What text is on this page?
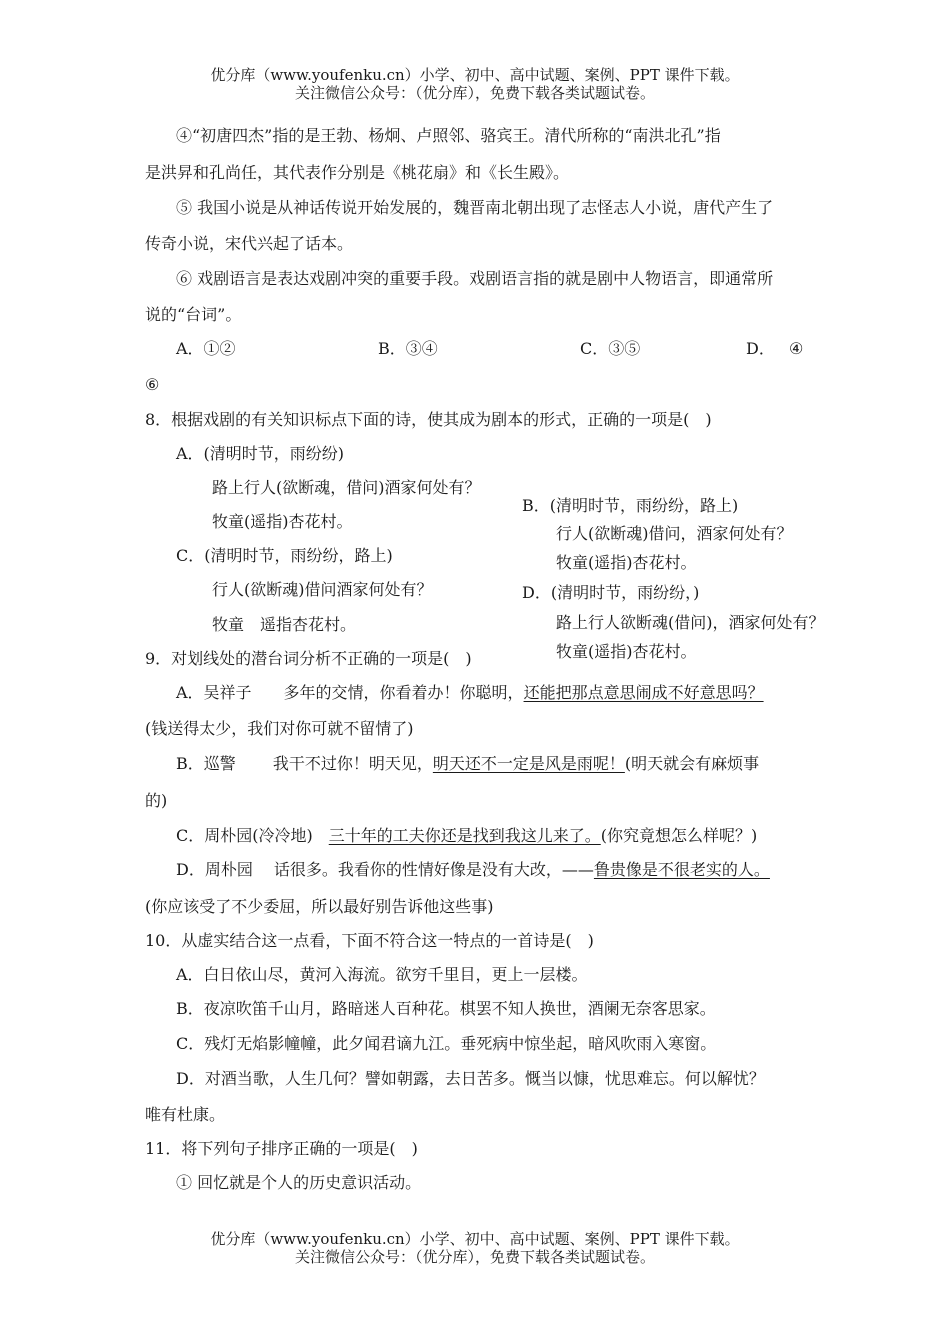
优分库（www.youfenku.cn）小学、初中、高中试题、案例、PPT 课件下载。
关注微信公众号：（优分库），免费下载各类试题试卷。
④“初唐四杰”指的是王勃、杨炯、卢照邻、骆宾王。清代所称的“南洪北孔”指
是洪昇和孔尚任，其代表作分别是《桃花扇》和《长生殿》。
⑤ 我国小说是从神话传说开始发展的，魏晋南北朝出现了志怪志人小说，唐代产生了
传奇小说，宋代兴起了话本。
⑥ 戏剧语言是表达戏剧冲突的重要手段。戏剧语言指的就是剧中人物语言，即通常所
说的“台词”。
A．①②	B．③④	C．③⑤	D． ④
⑥
8．根据戏剧的有关知识标点下面的诗，使其成为剧本的形式，正确的一项是(　)
A．(清明时节，雨纷纷)
路上行人(欲断魂，借问)酒家何处有？
牧童(遥指)杏花村。
B．(清明时节，雨纷纷，路上)
行人(欲断魂)借问，酒家何处有？
牧童(遥指)杏花村。
C．(清明时节，雨纷纷，路上)
行人(欲断魂)借问酒家何处有？
牧童　遥指杏花村。
D．(清明时节，雨纷纷，)
路上行人欲断魂(借问)，酒家何处有？
牧童(遥指)杏花村。
9．对划线处的潜台词分析不正确的一项是(　)
A．吴祥子　　多年的交情，你看着办！你聪明，还能把那点意思闹成不好意思吗？
(钱送得太少，我们对你可就不留情了)
B．巡警　　 我干不过你！明天见，明天还不一定是风是雨呢！(明天就会有麻烦事
的)
C．周朴园(冷冷地)　三十年的工夫你还是找到我这儿来了。(你究竟想怎么样呢？)
D．周朴园　 话很多。我看你的性情好像是没有大改，——鲁贵像是不很老实的人。
(你应该受了不少委屈，所以最好别告诉他这些事)
10．从虚实结合这一点看，下面不符合这一特点的一首诗是(　)
A．白日依山尽，黄河入海流。欲穷千里目，更上一层楼。
B．夜凉吹笛千山月，路暗迷人百种花。棋罢不知人换世，酒阑无奈客思家。
C．残灯无焰影幢幢，此夕闻君谪九江。垂死病中惊坐起，暗风吹雨入寒窗。
D．对酒当歌，人生几何？譬如朝露，去日苦多。慨当以慷，忧思难忘。何以解忧？
唯有杜康。
11．将下列句子排序正确的一项是(　)
① 回忆就是个人的历史意识活动。
优分库（www.youfenku.cn）小学、初中、高中试题、案例、PPT 课件下载。
关注微信公众号：（优分库），免费下载各类试题试卷。
